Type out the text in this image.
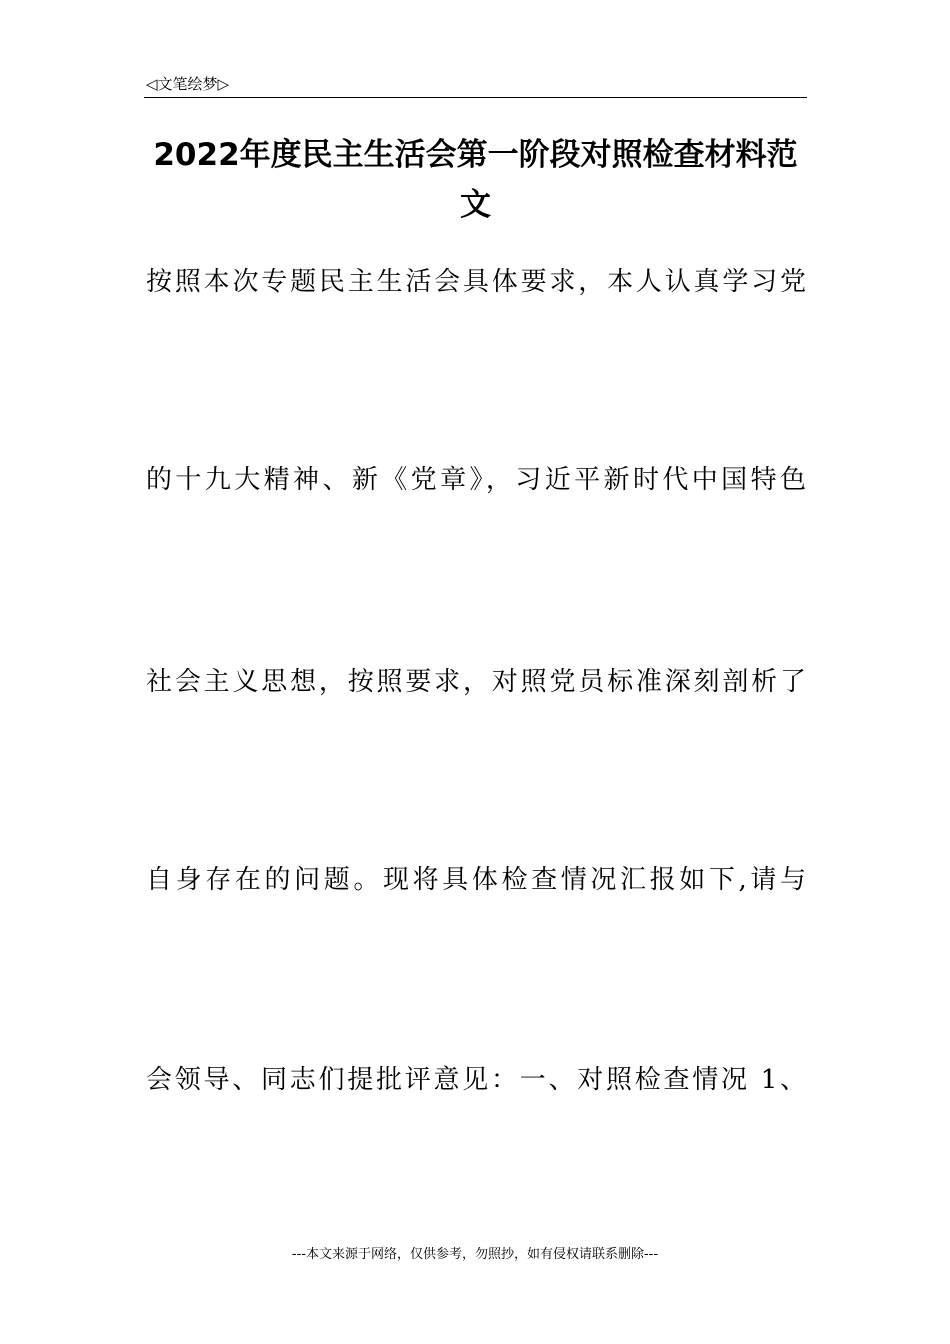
◁文笔绘梦▷
2022年度民主生活会第一阶段对照检查材料范文

按照本次专题民主生活会具体要求，本人认真学习党

的十九大精神、新《党章》，习近平新时代中国特色

社会主义思想，按照要求，对照党员标准深刻剖析了

自身存在的问题。现将具体检查情况汇报如下,请与

会领导、同志们提批评意见：一、对照检查情况 1、

---本文来源于网络，仅供参考，勿照抄，如有侵权请联系删除---
